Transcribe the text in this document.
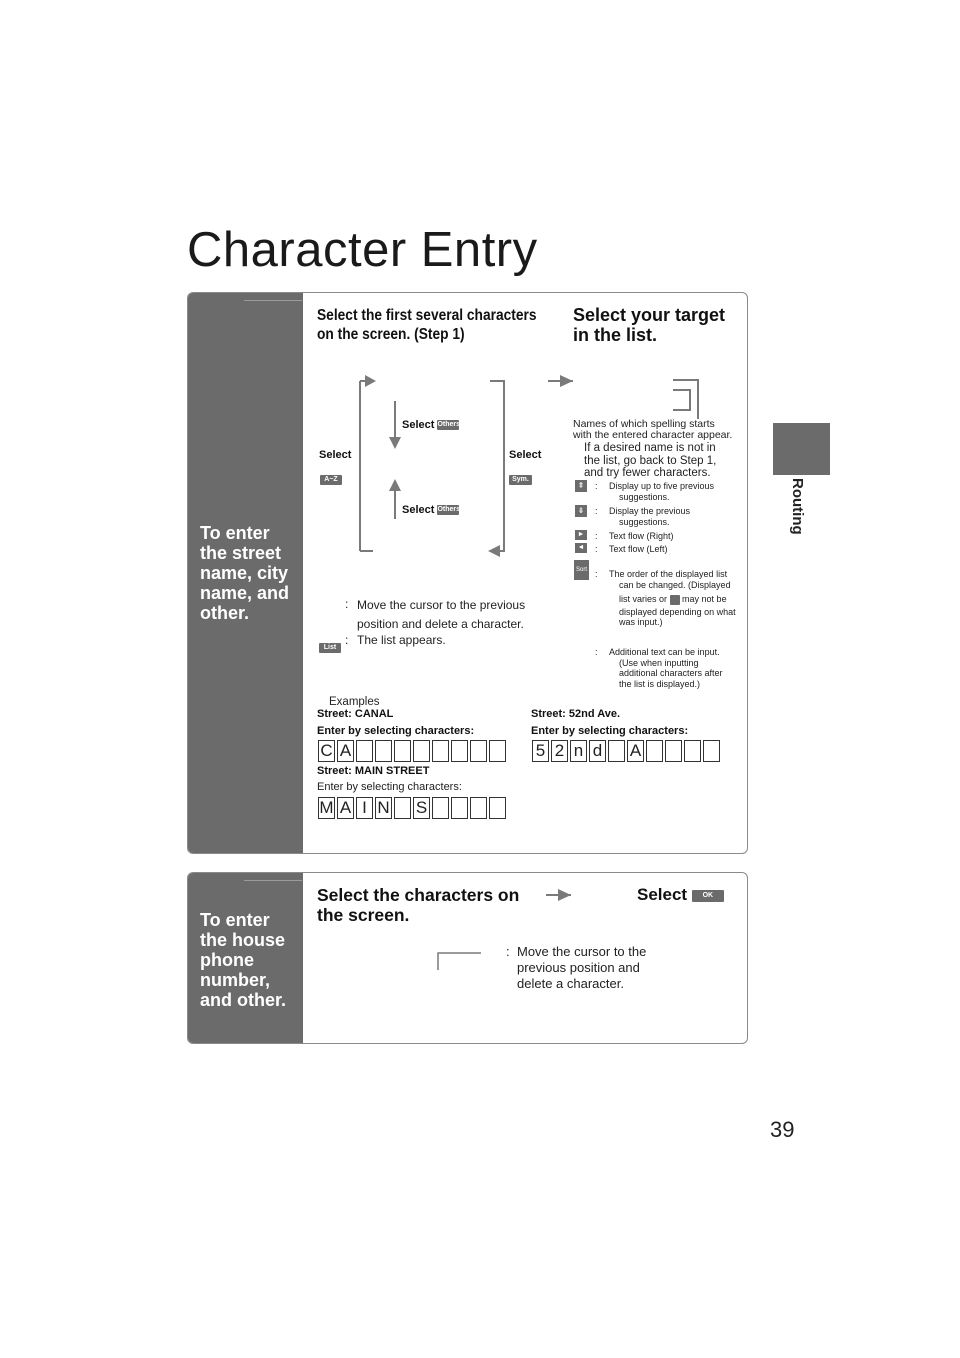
Character Entry
Routing
To enter
the street
name, city
name, and
other.
Select the first several characters
on the screen. (Step 1)
Select your target
in the list.
Select
A~Z
Select
Sym.
Select Others
Select Others
Names of which spelling starts
with the entered character appear.
If a desired name is not in
the list, go back to Step 1,
and try fewer characters.
⇞ : Display up to five previous
suggestions.
⇟ : Display the previous
suggestions.
► : Text flow (Right)
◄ : Text flow (Left)
Sort : The order of the displayed list
can be changed. (Displayed
list varies or may not be
displayed depending on what
was input.)
: Additional text can be input.
(Use when inputting
additional characters after
the list is displayed.)
: Move the cursor to the previous
position and delete a character.
List
: The list appears.
Examples
Street: CANAL
Enter by selecting characters:
C A
Street: 52nd Ave.
Enter by selecting characters:
5 2 n d A
Street: MAIN STREET
Enter by selecting characters:
M A I N S
To enter
the house
phone
number,
and other.
Select the characters on
the screen.
Select OK
: Move the cursor to the
previous position and
delete a character.
39
